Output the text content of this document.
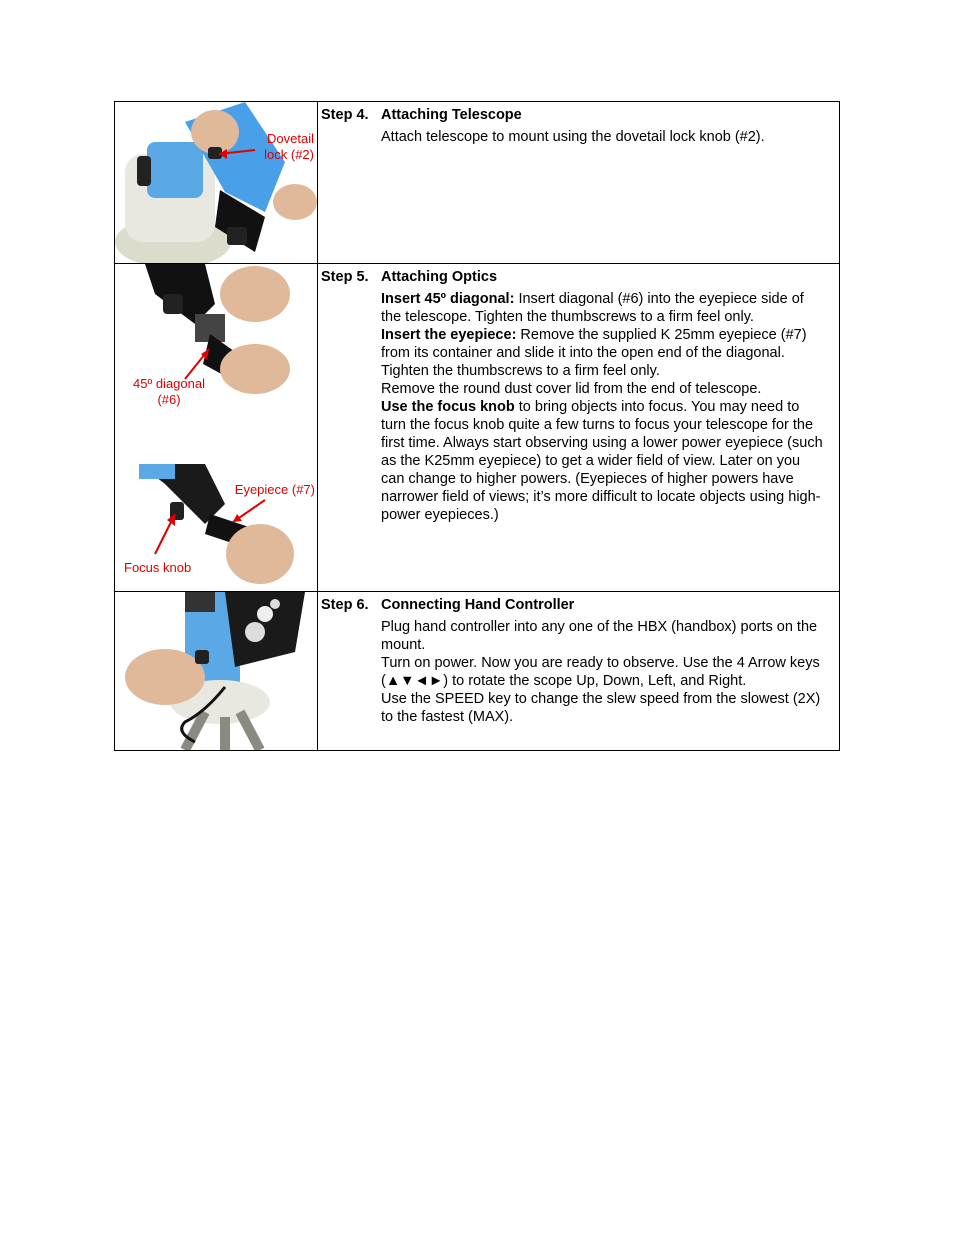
Dovetail
lock (#2)
Step 4. Attaching Telescope

Attach telescope to mount using the dovetail lock knob (#2).

45º diagonal
(#6)
Eyepiece (#7)
Focus knob
Step 5. Attaching Optics

Insert 45º diagonal: Insert diagonal (#6) into the eyepiece side of the telescope. Tighten the thumbscrews to a firm feel only.

Insert the eyepiece: Remove the supplied K 25mm eyepiece (#7) from its container and slide it into the open end of the diagonal. Tighten the thumbscrews to a firm feel only.

Remove the round dust cover lid from the end of telescope.

Use the focus knob to bring objects into focus. You may need to turn the focus knob quite a few turns to focus your telescope for the first time. Always start observing using a lower power eyepiece (such as the K25mm eyepiece) to get a wider field of view. Later on you can change to higher powers. (Eyepieces of higher powers have narrower field of views; it’s more difficult to locate objects using high-power eyepieces.)

Step 6. Connecting Hand Controller

Plug hand controller into any one of the HBX (handbox) ports on the mount.

Turn on power. Now you are ready to observe. Use the 4 Arrow keys (▲▼◄►) to rotate the scope Up, Down, Left, and Right.

Use the SPEED key to change the slew speed from the slowest (2X) to the fastest (MAX).
